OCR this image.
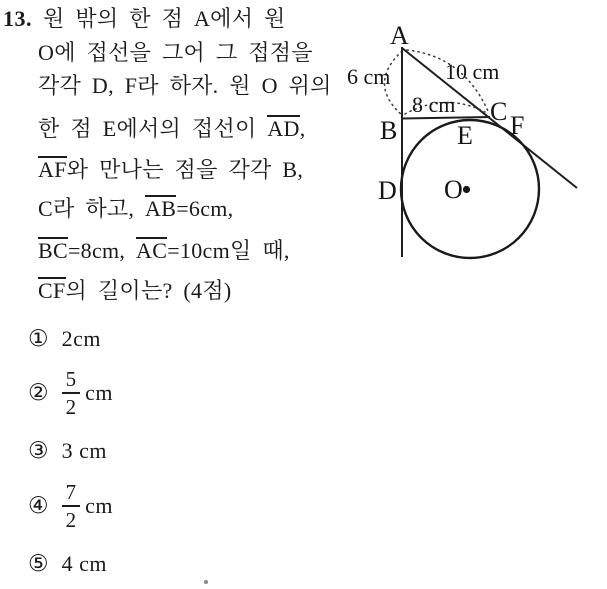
13. 원 밖의 한 점 A에서 원
O에 접선을 그어 그 접점을
각각 D, F라 하자. 원 O 위의
한 점 E에서의 접선이 AD,
AF와 만나는 점을 각각 B,
C라 하고, AB=6cm,
BC=8cm, AC=10cm일 때,
CF의 길이는? (4점)
A
B
C
D
E F
O
6 cm 10 cm
8 cm
① 2cm
② $\frac{5}{2}$ cm
③ 3 cm
④ $\frac{7}{2}$ cm
⑤ 4 cm
